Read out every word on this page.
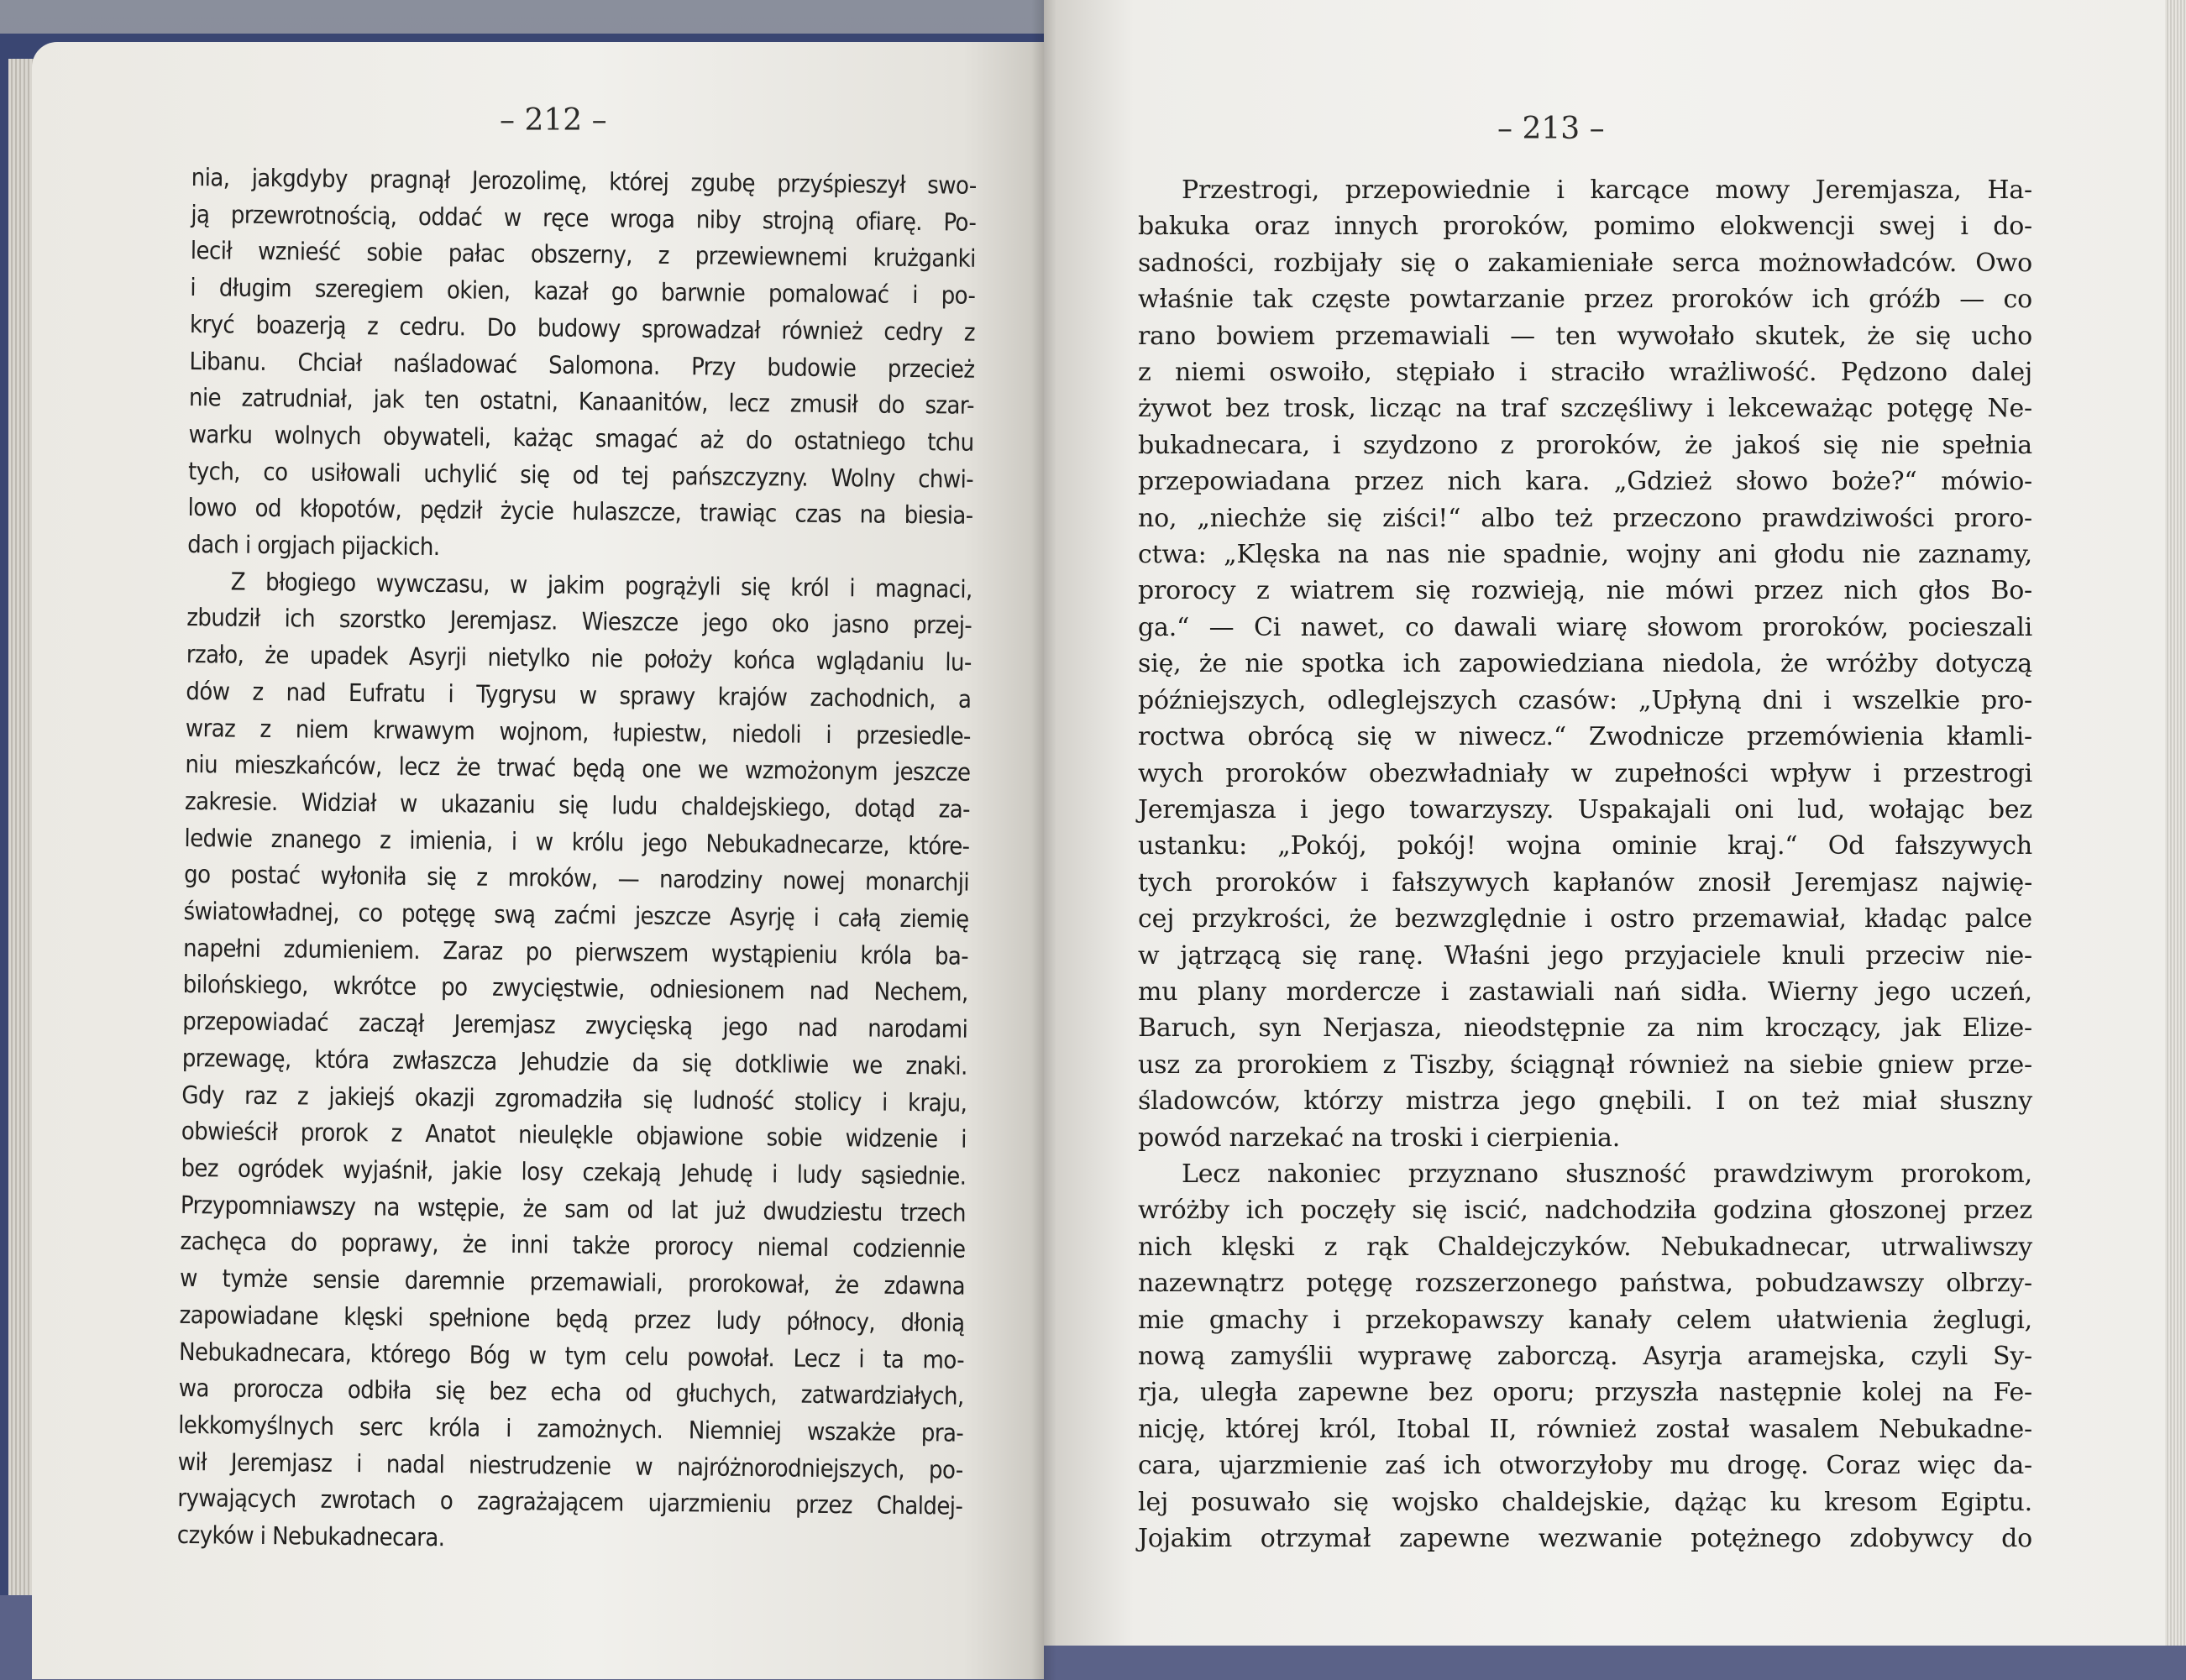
– 212 –	– 213 –
nia, jakgdyby pragnął Jerozolimę, której zgubę przyśpieszył swo-
ją przewrotnością, oddać w ręce wroga niby strojną ofiarę. Po-
lecił wznieść sobie pałac obszerny, z przewiewnemi krużganki
i długim szeregiem okien, kazał go barwnie pomalować i po-
kryć boazerją z cedru. Do budowy sprowadzał również cedry z
Libanu. Chciał naśladować Salomona. Przy budowie przecież
nie zatrudniał, jak ten ostatni, Kanaanitów, lecz zmusił do szar-
warku wolnych obywateli, każąc smagać aż do ostatniego tchu
tych, co usiłowali uchylić się od tej pańszczyzny. Wolny chwi-
lowo od kłopotów, pędził życie hulaszcze, trawiąc czas na biesia-
dach i orgjach pijackich.
Z błogiego wywczasu, w jakim pogrążyli się król i magnaci,
zbudził ich szorstko Jeremjasz. Wieszcze jego oko jasno przej-
rzało, że upadek Asyrji nietylko nie położy końca wglądaniu lu-
dów z nad Eufratu i Tygrysu w sprawy krajów zachodnich, a
wraz z niem krwawym wojnom, łupiestw, niedoli i przesiedle-
niu mieszkańców, lecz że trwać będą one we wzmożonym jeszcze
zakresie. Widział w ukazaniu się ludu chaldejskiego, dotąd za-
ledwie znanego z imienia, i w królu jego Nebukadnecarze, które-
go postać wyłoniła się z mroków, — narodziny nowej monarchji
światowładnej, co potęgę swą zaćmi jeszcze Asyrję i całą ziemię
napełni zdumieniem. Zaraz po pierwszem wystąpieniu króla ba-
bilońskiego, wkrótce po zwycięstwie, odniesionem nad Nechem,
przepowiadać zaczął Jeremjasz zwycięską jego nad narodami
przewagę, która zwłaszcza Jehudzie da się dotkliwie we znaki.
Gdy raz z jakiejś okazji zgromadziła się ludność stolicy i kraju,
obwieścił prorok z Anatot nieulękle objawione sobie widzenie i
bez ogródek wyjaśnił, jakie losy czekają Jehudę i ludy sąsiednie.
Przypomniawszy na wstępie, że sam od lat już dwudziestu trzech
zachęca do poprawy, że inni także prorocy niemal codziennie
w tymże sensie daremnie przemawiali, prorokował, że zdawna
zapowiadane klęski spełnione będą przez ludy północy, dłonią
Nebukadnecara, którego Bóg w tym celu powołał. Lecz i ta mo-
wa proroczа odbiła się bez echa od głuchych, zatwardziałych,
lekkomyślnych serc króla i zamożnych. Niemniej wszakże pra-
wił Jeremjasz i nadal niestrudzenie w najróżnorodniejszych, po-
rywających zwrotach o zagrażającem ujarzmieniu przez Chaldej-
czyków i Nebukadnecara.
Przestrogi, przepowiednie i karcące mowy Jeremjasza, Ha-
bakuka oraz innych proroków, pomimo elokwencji swej i do-
sadności, rozbijały się o zakamieniałe serca możnowładców. Owo
właśnie tak częste powtarzanie przez proroków ich gróźb — co
rano bowiem przemawiali — ten wywołało skutek, że się ucho
z niemi oswoiło, stępiało i straciło wrażliwość. Pędzono dalej
żywot bez trosk, licząc na traf szczęśliwy i lekceważąc potęgę Ne-
bukadnecara, i szydzono z proroków, że jakoś się nie spełnia
przepowiadana przez nich kara. „Gdzież słowo boże?“ mówio-
no, „niechże się ziści!“ albo też przeczono prawdziwości proro-
ctwa: „Klęska na nas nie spadnie, wojny ani głodu nie zaznamy,
prorocy z wiatrem się rozwieją, nie mówi przez nich głos Bo-
ga.“ — Ci nawet, co dawali wiarę słowom proroków, pocieszali
się, że nie spotka ich zapowiedziana niedola, że wróżby dotyczą
późniejszych, odleglejszych czasów: „Upłyną dni i wszelkie pro-
roctwa obrócą się w niwecz.“ Zwodnicze przemówienia kłamli-
wych proroków obezwładniały w zupełności wpływ i przestrogi
Jeremjasza i jego towarzyszy. Uspakajali oni lud, wołając bez
ustanku: „Pokój, pokój! wojna ominie kraj.“ Od fałszywych
tych proroków i fałszywych kapłanów znosił Jeremjasz najwię-
cej przykrości, że bezwzględnie i ostro przemawiał, kładąc palce
w jątrzącą się ranę. Właśni jego przyjaciele knuli przeciw nie-
mu plany mordercze i zastawiali nań sidła. Wierny jego uczeń,
Baruch, syn Nerjasza, nieodstępnie za nim kroczący, jak Elize-
usz za prorokiem z Tiszby, ściągnął również na siebie gniew prze-
śladowców, którzy mistrza jego gnębili. I on też miał słuszny
powód narzekać na troski i cierpienia.
Lecz nakoniec przyznano słuszność prawdziwym prorokom,
wróżby ich poczęły się iscić, nadchodziła godzina głoszonej przez
nich klęski z rąk Chaldejczyków. Nebukadnecar, utrwaliwszy
nazewnątrz potęgę rozszerzonego państwa, pobudzawszy olbrzy-
mie gmachy i przekopawszy kanały celem ułatwienia żeglugi,
nową zamyślii wyprawę zaborczą. Asyrja aramejska, czyli Sy-
rja, uległa zapewne bez oporu; przyszła następnie kolej na Fe-
nicję, której król, Itobal II, również został wasalem Nebukadne-
cara, ujarzmienie zaś ich otworzyłoby mu drogę. Coraz więc da-
lej posuwało się wojsko chaldejskie, dążąc ku kresom Egiptu.
Jojakim otrzymał zapewne wezwanie potężnego zdobywcy do
